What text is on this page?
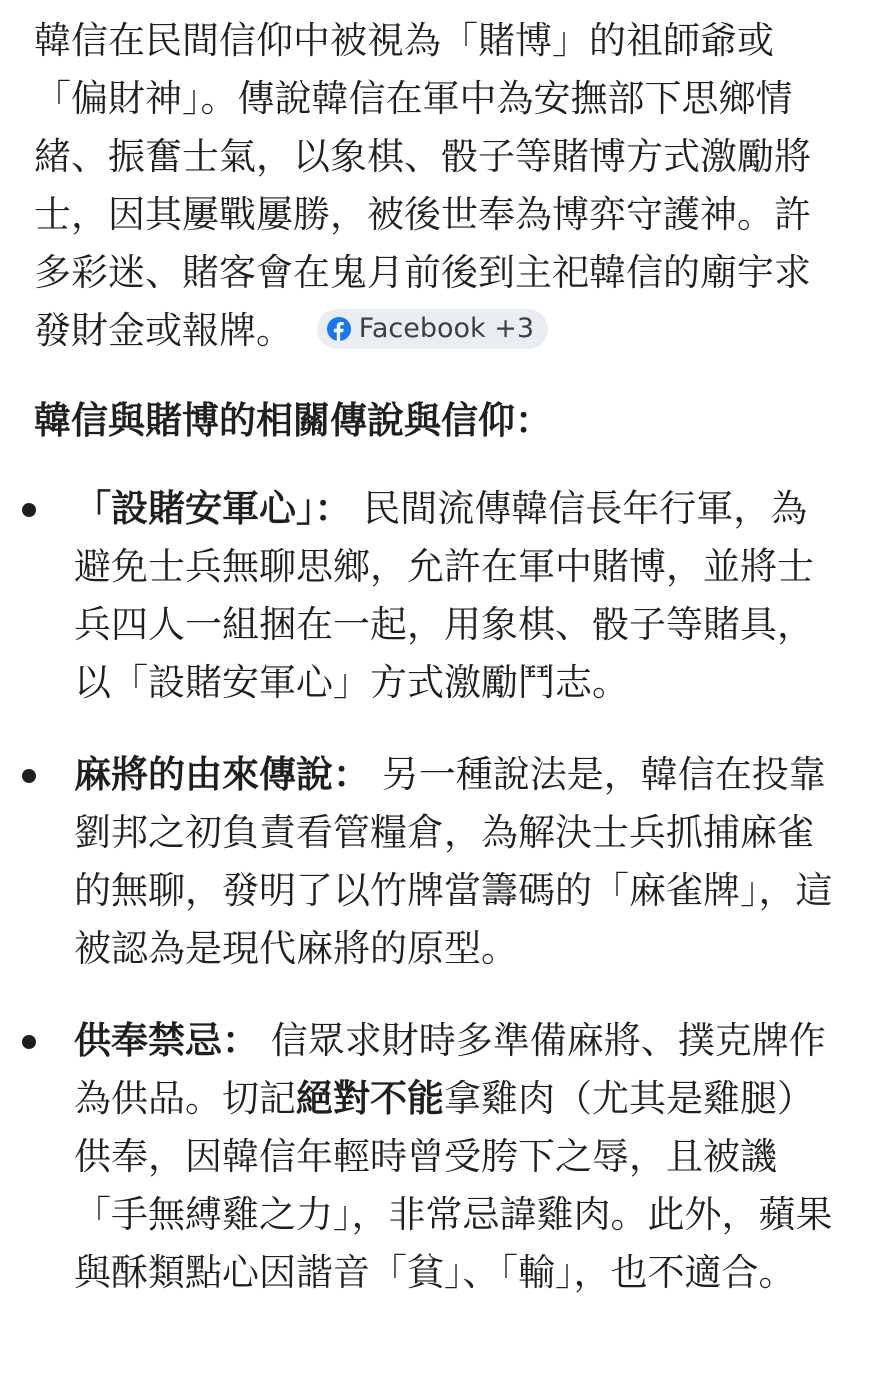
韓信在民間信仰中被視為「賭博」的祖師爺或「偏財神」。傳說韓信在軍中為安撫部下思鄉情緒、振奮士氣，以象棋、骰子等賭博方式激勵將士，因其屢戰屢勝，被後世奉為博弈守護神。許多彩迷、賭客會在鬼月前後到主祀韓信的廟宇求發財金或報牌。 Facebook +3

韓信與賭博的相關傳說與信仰：
「設賭安軍心」： 民間流傳韓信長年行軍，為避免士兵無聊思鄉，允許在軍中賭博，並將士兵四人一組捆在一起，用象棋、骰子等賭具，以「設賭安軍心」方式激勵鬥志。
麻將的由來傳說： 另一種說法是，韓信在投靠劉邦之初負責看管糧倉，為解決士兵抓捕麻雀的無聊，發明了以竹牌當籌碼的「麻雀牌」，這被認為是現代麻將的原型。
供奉禁忌： 信眾求財時多準備麻將、撲克牌作為供品。切記絕對不能拿雞肉（尤其是雞腿）供奉，因韓信年輕時曾受胯下之辱，且被譏「手無縛雞之力」，非常忌諱雞肉。此外，蘋果與酥類點心因諧音「貧」、「輸」，也不適合。
